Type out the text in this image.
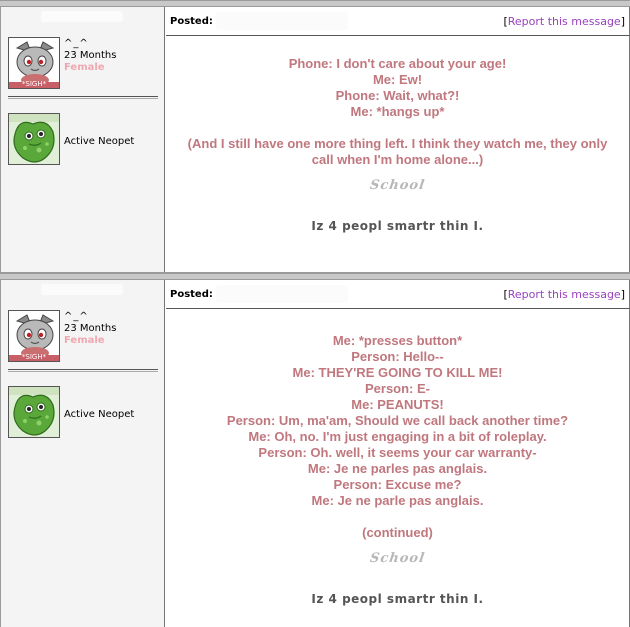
*SIGH*
^_^
23 Months
Female
Active Neopet
Posted:	[Report this message]
Phone: I don't care about your age!
Me: Ew!
Phone: Wait, what?!
Me: *hangs up*
(And I still have one more thing left. I think they watch me, they only
call when I'm home alone...)
School
Iz 4 peopl smartr thin I.
*SIGH*
^_^
23 Months
Female
Active Neopet
Posted:	[Report this message]
Me: *presses button*
Person: Hello--
Me: THEY'RE GOING TO KILL ME!
Person: E-
Me: PEANUTS!
Person: Um, ma'am, Should we call back another time?
Me: Oh, no. I'm just engaging in a bit of roleplay.
Person: Oh. well, it seems your car warranty-
Me: Je ne parles pas anglais.
Person: Excuse me?
Me: Je ne parle pas anglais.
(continued)
School
Iz 4 peopl smartr thin I.
